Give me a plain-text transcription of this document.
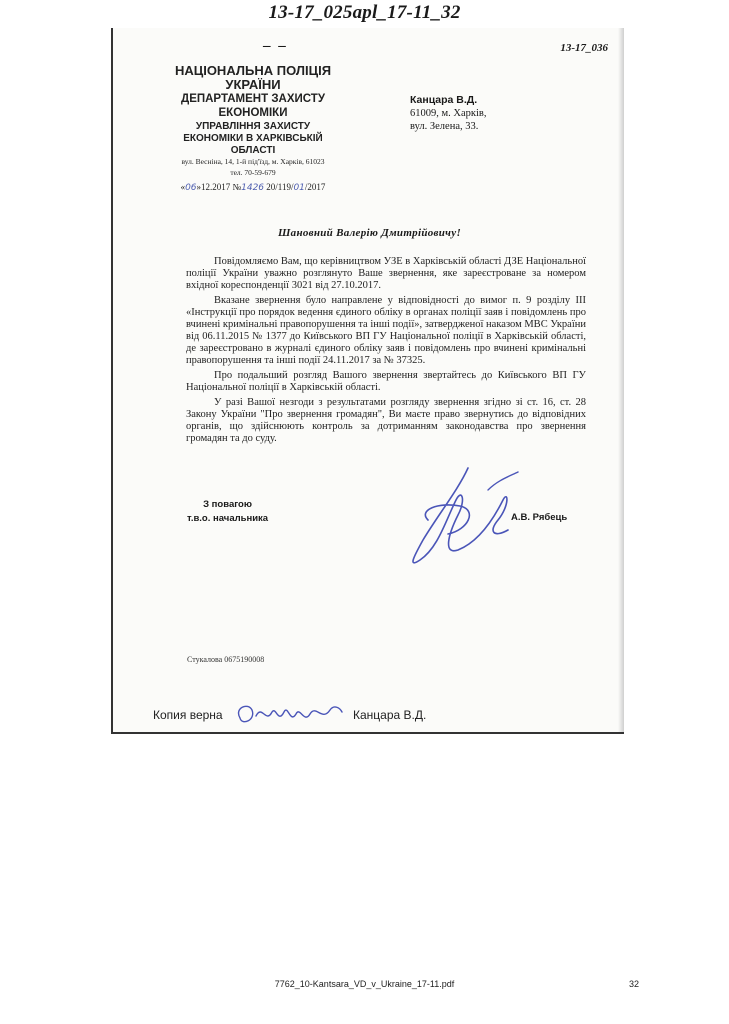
13-17_025apl_17-11_32
– –	13-17_036
НАЦІОНАЛЬНА ПОЛІЦІЯ
УКРАЇНИ
ДЕПАРТАМЕНТ ЗАХИСТУ
ЕКОНОМІКИ
УПРАВЛІННЯ ЗАХИСТУ
ЕКОНОМІКИ В ХАРКІВСЬКІЙ
ОБЛАСТІ
вул. Весніна, 14, 1-й під'їзд, м. Харків, 61023
тел. 70-59-679
«06»12.2017 №1426 20/119/01/2017
Канцара В.Д.
61009, м. Харків,
вул. Зелена, 33.
Шановний Валерію Дмитрійовичу!

Повідомляємо Вам, що керівництвом УЗЕ в Харківській області ДЗЕ Національної поліції України уважно розглянуто Ваше звернення, яке зареєстроване за номером вхідної кореспонденції 3021 від 27.10.2017.

Вказане звернення було направлене у відповідності до вимог п. 9 розділу III «Інструкції про порядок ведення єдиного обліку в органах поліції заяв і повідомлень про вчинені кримінальні правопорушення та інші події», затвердженої наказом МВС України від 06.11.2015 № 1377 до Київського ВП ГУ Національної поліції в Харківській області, де зареєстровано в журналі єдиного обліку заяв і повідомлень про вчинені кримінальні правопорушення та інші події 24.11.2017 за № 37325.

Про подальший розгляд Вашого звернення звертайтесь до Київського ВП ГУ Національної поліції в Харківській області.

У разі Вашої незгоди з результатами розгляду звернення згідно зі ст. 16, ст. 28 Закону України "Про звернення громадян", Ви маєте право звернутись до відповідних органів, що здійснюють контроль за дотриманням законодавства про звернення громадян та до суду.

З повагою
т.в.о. начальника	А.В. Рябець
Стукалова 0675190008
Копия верна	Канцара В.Д.
7762_10-Kantsara_VD_v_Ukraine_17-11.pdf	32
